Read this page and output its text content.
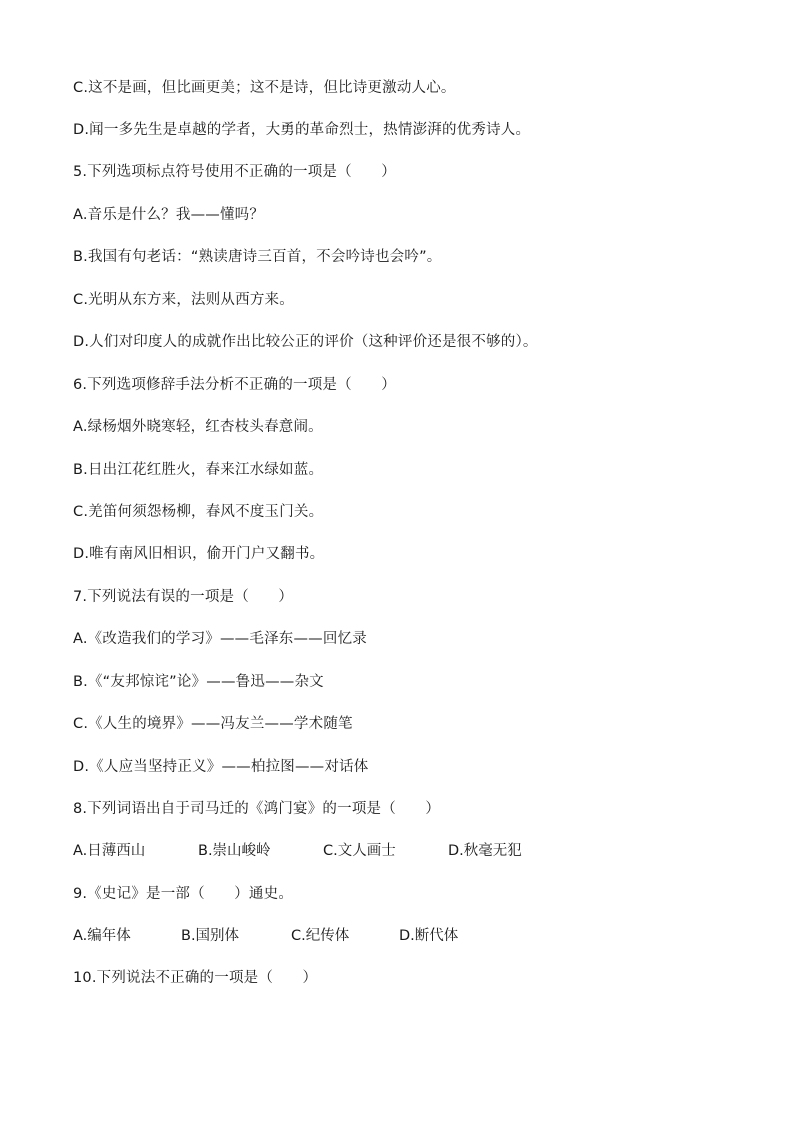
C.这不是画，但比画更美；这不是诗，但比诗更激动人心。
D.闻一多先生是卓越的学者，大勇的革命烈士，热情澎湃的优秀诗人。
5.下列选项标点符号使用不正确的一项是（　　）
A.音乐是什么？我——懂吗？
B.我国有句老话：“熟读唐诗三百首，不会吟诗也会吟”。
C.光明从东方来，法则从西方来。
D.人们对印度人的成就作出比较公正的评价（这种评价还是很不够的）。
6.下列选项修辞手法分析不正确的一项是（　　）
A.绿杨烟外晓寒轻，红杏枝头春意闹。
B.日出江花红胜火，春来江水绿如蓝。
C.羌笛何须怨杨柳，春风不度玉门关。
D.唯有南风旧相识，偷开门户又翻书。
7.下列说法有误的一项是（　　）
A.《改造我们的学习》——毛泽东——回忆录
B.《“友邦惊诧”论》——鲁迅——杂文
C.《人生的境界》——冯友兰——学术随笔
D.《人应当坚持正义》——柏拉图——对话体
8.下列词语出自于司马迁的《鸿门宴》的一项是（　　）
A.日薄西山	B.崇山峻岭	C.文人画士	D.秋毫无犯
9.《史记》是一部（　　）通史。
A.编年体	B.国别体	C.纪传体	D.断代体
10.下列说法不正确的一项是（　　）
